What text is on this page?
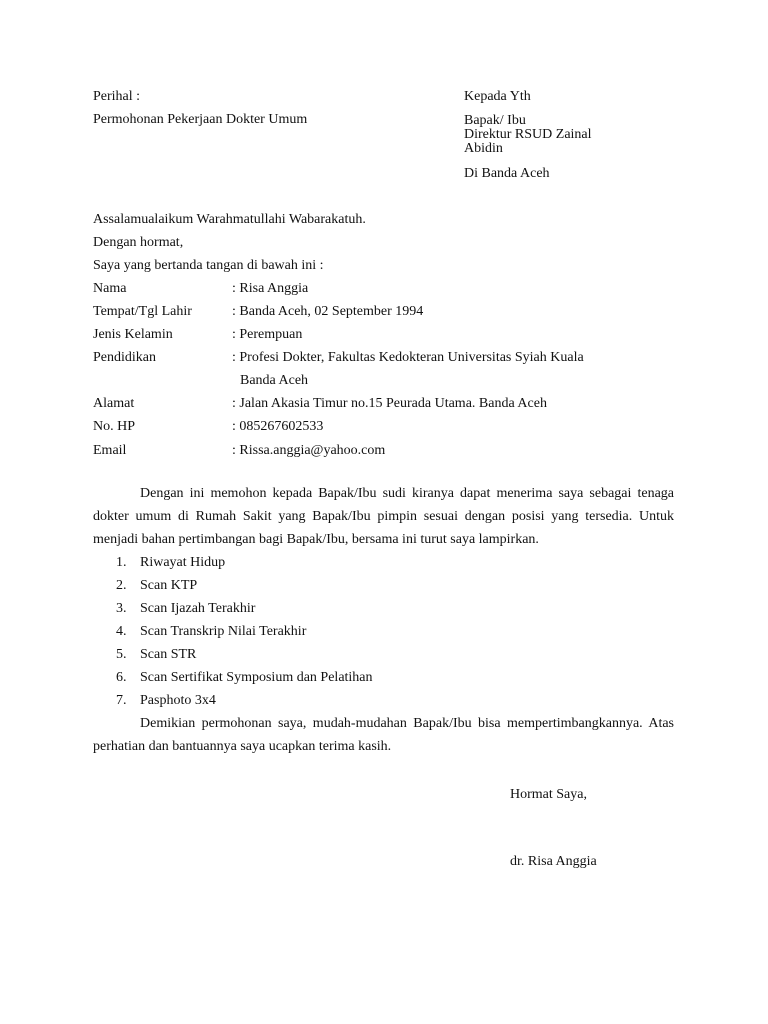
Perihal :
Permohonan Pekerjaan Dokter Umum
Kepada Yth
Bapak/ Ibu
Direktur RSUD Zainal
Abidin
Di Banda Aceh
Assalamualaikum Warahmatullahi Wabarakatuh.
Dengan hormat,
Saya yang bertanda tangan di bawah ini :
Nama	: Risa Anggia
Tempat/Tgl Lahir	: Banda Aceh, 02 September 1994
Jenis Kelamin	: Perempuan
Pendidikan	: Profesi Dokter, Fakultas Kedokteran Universitas Syiah Kuala
Banda Aceh
Alamat	: Jalan Akasia Timur no.15 Peurada Utama. Banda Aceh
No. HP	: 085267602533
Email	: Rissa.anggia@yahoo.com

Dengan ini memohon kepada Bapak/Ibu sudi kiranya dapat menerima saya sebagai tenaga dokter umum di Rumah Sakit yang Bapak/Ibu pimpin sesuai dengan posisi yang tersedia. Untuk menjadi bahan pertimbangan bagi Bapak/Ibu, bersama ini turut saya lampirkan.

1. Riwayat Hidup
2. Scan KTP
3. Scan Ijazah Terakhir
4. Scan Transkrip Nilai Terakhir
5. Scan STR
6. Scan Sertifikat Symposium dan Pelatihan
7. Pasphoto 3x4

Demikian permohonan saya, mudah-mudahan Bapak/Ibu bisa mempertimbangkannya. Atas perhatian dan bantuannya saya ucapkan terima kasih.

Hormat Saya,
dr. Risa Anggia
